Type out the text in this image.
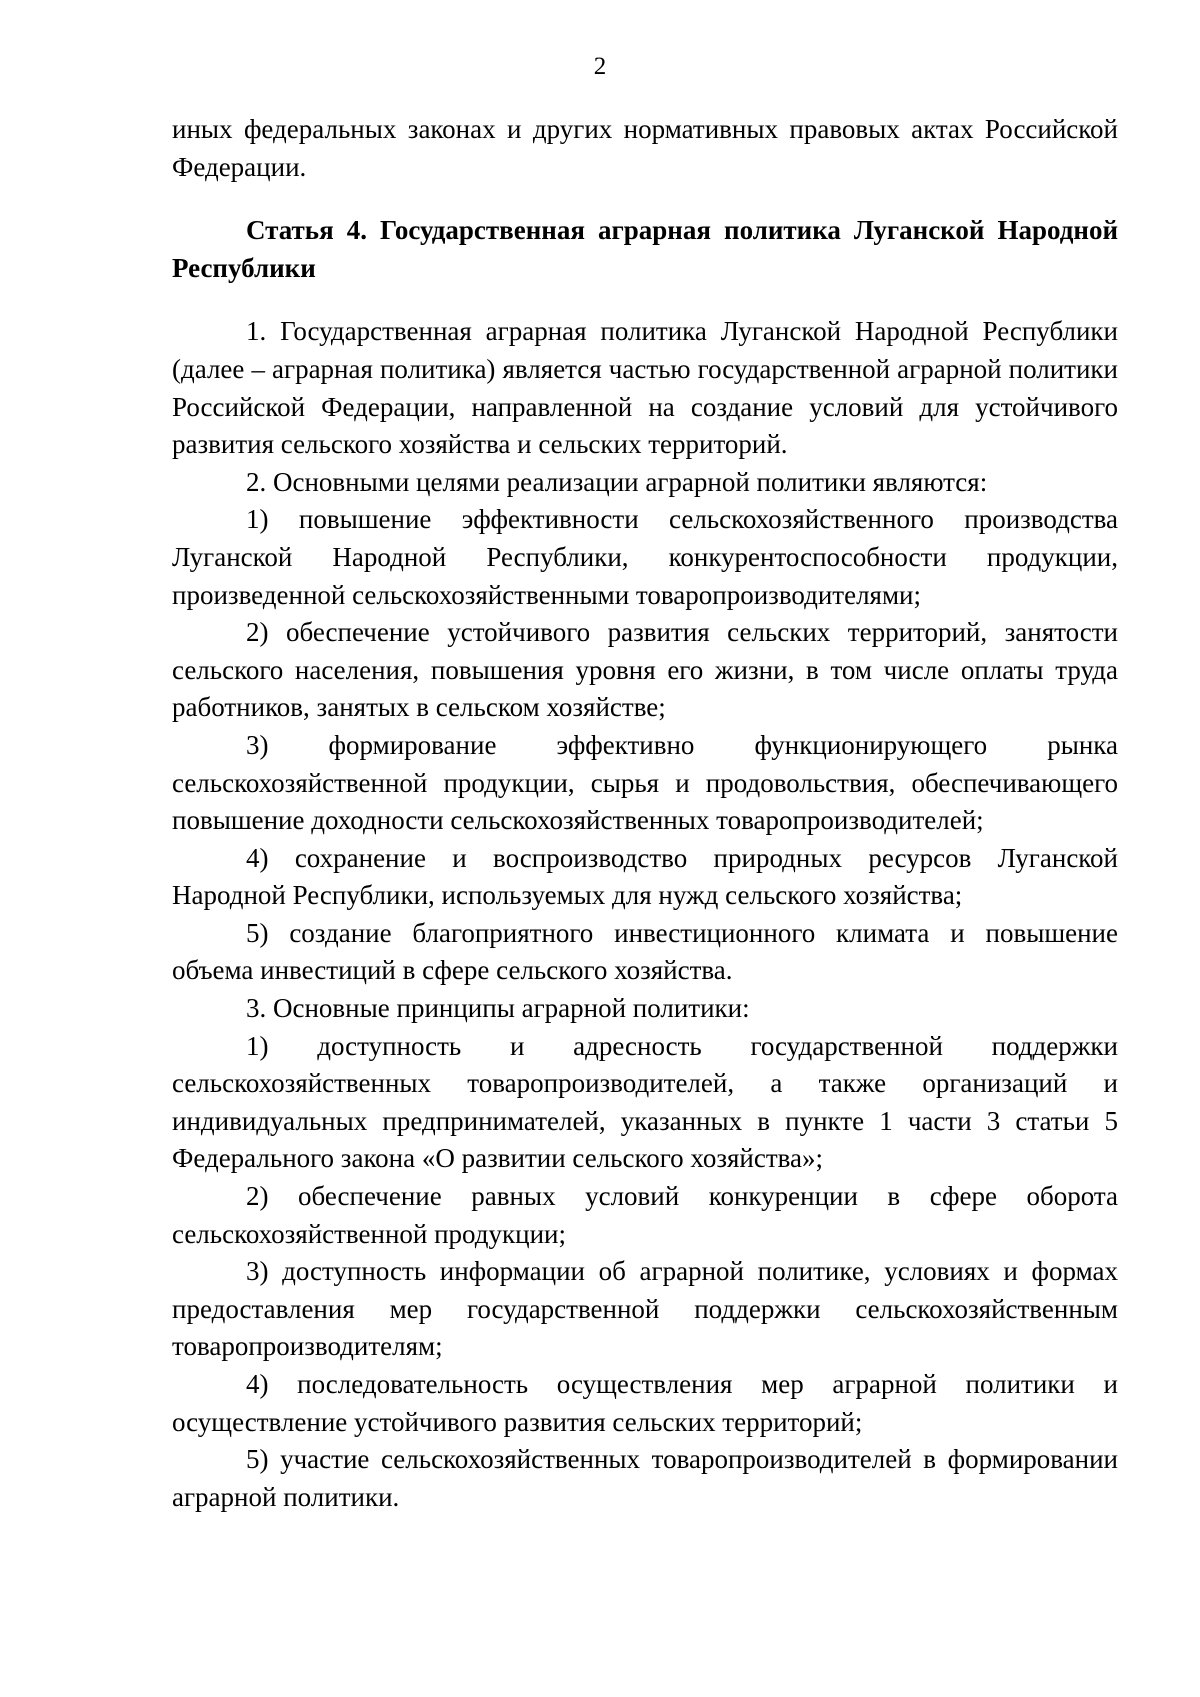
2

иных федеральных законах и других нормативных правовых актах Российской Федерации.

Статья 4. Государственная аграрная политика Луганской Народной Республики

1. Государственная аграрная политика Луганской Народной Республики (далее – аграрная политика) является частью государственной аграрной политики Российской Федерации, направленной на создание условий для устойчивого развития сельского хозяйства и сельских территорий.

2. Основными целями реализации аграрной политики являются:

1) повышение эффективности сельскохозяйственного производства Луганской Народной Республики, конкурентоспособности продукции, произведенной сельскохозяйственными товаропроизводителями;

2) обеспечение устойчивого развития сельских территорий, занятости сельского населения, повышения уровня его жизни, в том числе оплаты труда работников, занятых в сельском хозяйстве;

3) формирование эффективно функционирующего рынка сельскохозяйственной продукции, сырья и продовольствия, обеспечивающего повышение доходности сельскохозяйственных товаропроизводителей;

4) сохранение и воспроизводство природных ресурсов Луганской Народной Республики, используемых для нужд сельского хозяйства;

5) создание благоприятного инвестиционного климата и повышение объема инвестиций в сфере сельского хозяйства.

3. Основные принципы аграрной политики:

1) доступность и адресность государственной поддержки сельскохозяйственных товаропроизводителей, а также организаций и индивидуальных предпринимателей, указанных в пункте 1 части 3 статьи 5 Федерального закона «О развитии сельского хозяйства»;

2) обеспечение равных условий конкуренции в сфере оборота сельскохозяйственной продукции;

3) доступность информации об аграрной политике, условиях и формах предоставления мер государственной поддержки сельскохозяйственным товаропроизводителям;

4) последовательность осуществления мер аграрной политики и осуществление устойчивого развития сельских территорий;

5) участие сельскохозяйственных товаропроизводителей в формировании аграрной политики.
